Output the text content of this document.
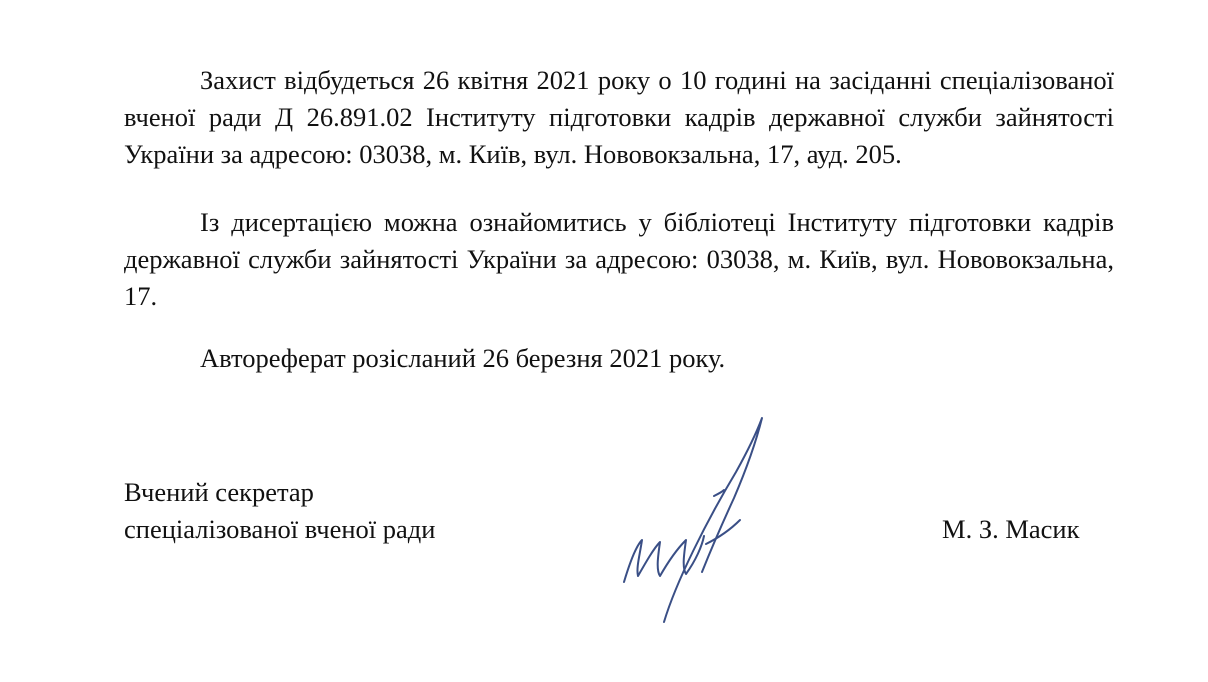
Захист відбудеться 26 квітня 2021 року о 10 годині на засіданні спеціалізованої вченої ради Д 26.891.02 Інституту підготовки кадрів державної служби зайнятості України за адресою: 03038, м. Київ, вул. Нововокзальна, 17, ауд. 205.

Із дисертацією можна ознайомитись у бібліотеці Інституту підготовки кадрів державної служби зайнятості України за адресою: 03038, м. Київ, вул. Нововокзальна, 17.

Автореферат розісланий 26 березня 2021 року.

Вчений секретар
спеціалізованої вченої ради	М. З. Масик
